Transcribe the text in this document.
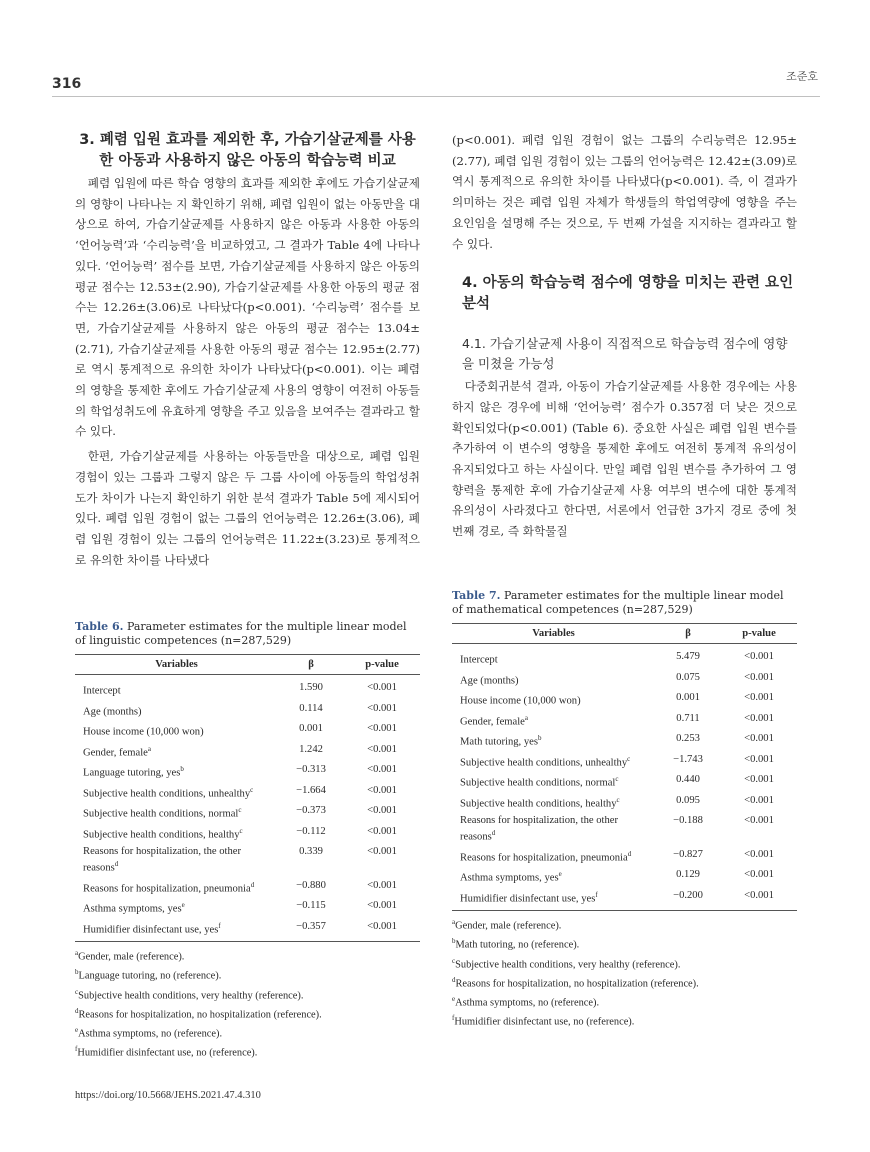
316	조준호
3. 폐렴 입원 효과를 제외한 후, 가습기살균제를 사용한 아동과 사용하지 않은 아동의 학습능력 비교

폐렴 입원에 따른 학습 영향의 효과를 제외한 후에도 가습기살균제의 영향이 나타나는 지 확인하기 위해, 폐렴 입원이 없는 아동만을 대상으로 하여, 가습기살균제를 사용하지 않은 아동과 사용한 아동의 ‘언어능력’과 ‘수리능력’을 비교하였고, 그 결과가 Table 4에 나타나 있다. ‘언어능력’ 점수를 보면, 가습기살균제를 사용하지 않은 아동의 평균 점수는 12.53±(2.90), 가습기살균제를 사용한 아동의 평균 점수는 12.26±(3.06)로 나타났다(p<0.001). ‘수리능력’ 점수를 보면, 가습기살균제를 사용하지 않은 아동의 평균 점수는 13.04±(2.71), 가습기살균제를 사용한 아동의 평균 점수는 12.95±(2.77)로 역시 통계적으로 유의한 차이가 나타났다(p<0.001). 이는 폐렴의 영향을 통제한 후에도 가습기살균제 사용의 영향이 여전히 아동들의 학업성취도에 유효하게 영향을 주고 있음을 보여주는 결과라고 할 수 있다.

한편, 가습기살균제를 사용하는 아동들만을 대상으로, 폐렴 입원 경험이 있는 그룹과 그렇지 않은 두 그룹 사이에 아동들의 학업성취도가 차이가 나는지 확인하기 위한 분석 결과가 Table 5에 제시되어 있다. 폐렴 입원 경험이 없는 그룹의 언어능력은 12.26±(3.06), 폐렴 입원 경험이 있는 그룹의 언어능력은 11.22±(3.23)로 통계적으로 유의한 차이를 나타냈다

Table 6. Parameter estimates for the multiple linear model of linguistic competences (n=287,529)

Variables	β	p-value
Intercept	1.590	<0.001
Age (months)	0.114	<0.001
House income (10,000 won)	0.001	<0.001
Gender, female$^a$	1.242	<0.001
Language tutoring, yes$^b$	−0.313	<0.001
Subjective health conditions, unhealthy$^c$	−1.664	<0.001
Subjective health conditions, normal$^c$	−0.373	<0.001
Subjective health conditions, healthy$^c$	−0.112	<0.001
Reasons for hospitalization, the other reasons$^d$	0.339	<0.001
Reasons for hospitalization, pneumonia$^d$	−0.880	<0.001
Asthma symptoms, yes$^e$	−0.115	<0.001
Humidifier disinfectant use, yes$^f$	−0.357	<0.001
$^a$Gender, male (reference).
$^b$Language tutoring, no (reference).
$^c$Subjective health conditions, very healthy (reference).
$^d$Reasons for hospitalization, no hospitalization (reference).
$^e$Asthma symptoms, no (reference).
$^f$Humidifier disinfectant use, no (reference).

(p<0.001). 폐렴 입원 경험이 없는 그룹의 수리능력은 12.95±(2.77), 폐렴 입원 경험이 있는 그룹의 언어능력은 12.42±(3.09)로 역시 통계적으로 유의한 차이를 나타냈다(p<0.001). 즉, 이 결과가 의미하는 것은 폐렴 입원 자체가 학생들의 학업역량에 영향을 주는 요인임을 설명해 주는 것으로, 두 번째 가설을 지지하는 결과라고 할 수 있다.

4. 아동의 학습능력 점수에 영향을 미치는 관련 요인 분석
4.1. 가습기살균제 사용이 직접적으로 학습능력 점수에 영향을 미쳤을 가능성

다중회귀분석 결과, 아동이 가습기살균제를 사용한 경우에는 사용하지 않은 경우에 비해 ‘언어능력’ 점수가 0.357점 더 낮은 것으로 확인되었다(p<0.001) (Table 6). 중요한 사실은 폐렴 입원 변수를 추가하여 이 변수의 영향을 통제한 후에도 여전히 통계적 유의성이 유지되었다고 하는 사실이다. 만일 폐렴 입원 변수를 추가하여 그 영향력을 통제한 후에 가습기살균제 사용 여부의 변수에 대한 통계적 유의성이 사라졌다고 한다면, 서론에서 언급한 3가지 경로 중에 첫 번째 경로, 즉 화학물질

Table 7. Parameter estimates for the multiple linear model of mathematical competences (n=287,529)

Variables	β	p-value
Intercept	5.479	<0.001
Age (months)	0.075	<0.001
House income (10,000 won)	0.001	<0.001
Gender, female$^a$	0.711	<0.001
Math tutoring, yes$^b$	0.253	<0.001
Subjective health conditions, unhealthy$^c$	−1.743	<0.001
Subjective health conditions, normal$^c$	0.440	<0.001
Subjective health conditions, healthy$^c$	0.095	<0.001
Reasons for hospitalization, the other reasons$^d$	−0.188	<0.001
Reasons for hospitalization, pneumonia$^d$	−0.827	<0.001
Asthma symptoms, yes$^e$	0.129	<0.001
Humidifier disinfectant use, yes$^f$	−0.200	<0.001
$^a$Gender, male (reference).
$^b$Math tutoring, no (reference).
$^c$Subjective health conditions, very healthy (reference).
$^d$Reasons for hospitalization, no hospitalization (reference).
$^e$Asthma symptoms, no (reference).
$^f$Humidifier disinfectant use, no (reference).
https://doi.org/10.5668/JEHS.2021.47.4.310
